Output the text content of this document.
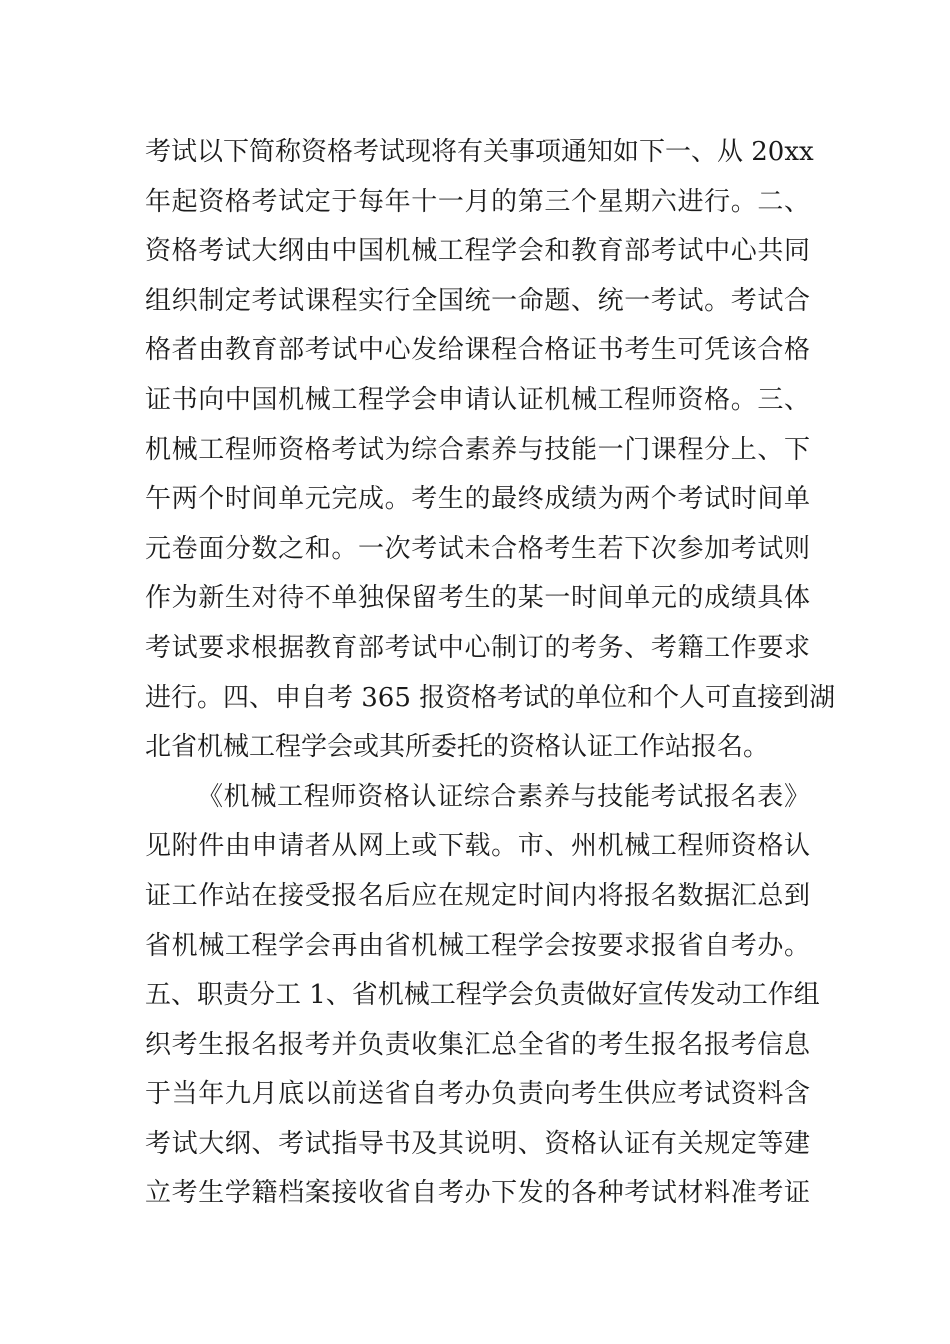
考试以下简称资格考试现将有关事项通知如下一、从 20xx
年起资格考试定于每年十一月的第三个星期六进行。二、
资格考试大纲由中国机械工程学会和教育部考试中心共同
组织制定考试课程实行全国统一命题、统一考试。考试合
格者由教育部考试中心发给课程合格证书考生可凭该合格
证书向中国机械工程学会申请认证机械工程师资格。三、
机械工程师资格考试为综合素养与技能一门课程分上、下
午两个时间单元完成。考生的最终成绩为两个考试时间单
元卷面分数之和。一次考试未合格考生若下次参加考试则
作为新生对待不单独保留考生的某一时间单元的成绩具体
考试要求根据教育部考试中心制订的考务、考籍工作要求
进行。四、申自考 365 报资格考试的单位和个人可直接到湖
北省机械工程学会或其所委托的资格认证工作站报名。
《机械工程师资格认证综合素养与技能考试报名表》
见附件由申请者从网上或下载。市、州机械工程师资格认
证工作站在接受报名后应在规定时间内将报名数据汇总到
省机械工程学会再由省机械工程学会按要求报省自考办。
五、职责分工 1、省机械工程学会负责做好宣传发动工作组
织考生报名报考并负责收集汇总全省的考生报名报考信息
于当年九月底以前送省自考办负责向考生供应考试资料含
考试大纲、考试指导书及其说明、资格认证有关规定等建
立考生学籍档案接收省自考办下发的各种考试材料准考证
